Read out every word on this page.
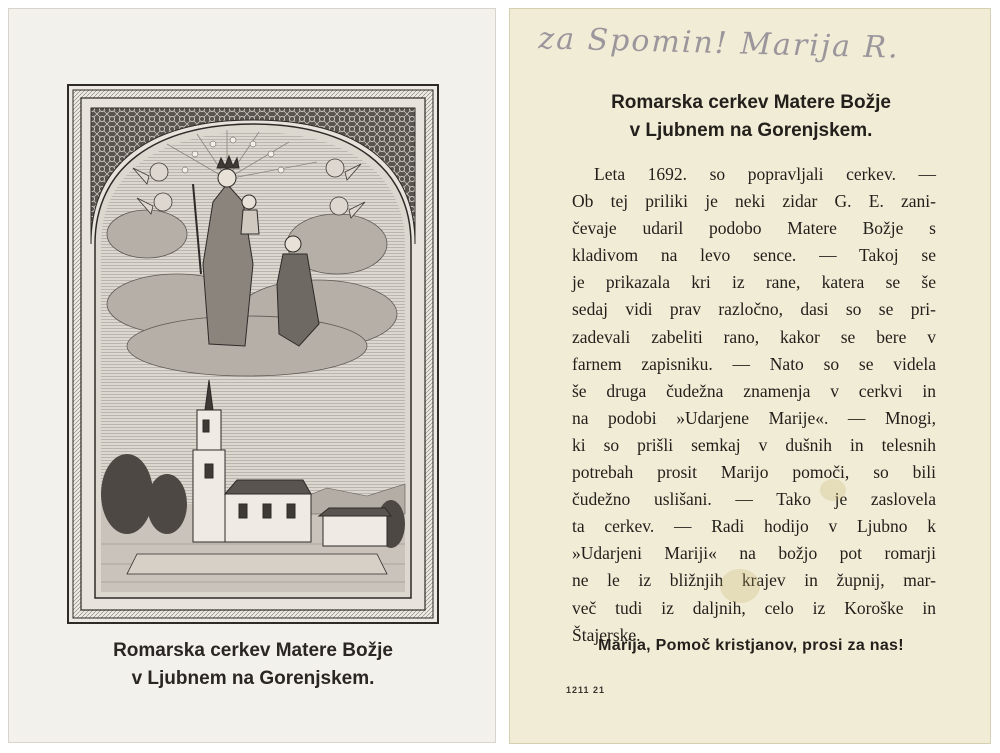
Romarska cerkev Matere Božje
v Ljubnem na Gorenjskem.
za Spomin! Marija R.
Romarska cerkev Matere Božje
v Ljubnem na Gorenjskem.
Leta 1692. so popravljali cerkev. —
Ob tej priliki je neki zidar G. E. zani-
čevaje udaril podobo Matere Božje s
kladivom na levo sence. — Takoj se
je prikazala kri iz rane, katera se še
sedaj vidi prav razločno, dasi so se pri-
zadevali zabeliti rano, kakor se bere v
farnem zapisniku. — Nato so se videla
še druga čudežna znamenja v cerkvi in
na podobi »Udarjene Marije«. — Mnogi,
ki so prišli semkaj v dušnih in telesnih
potrebah prosit Marijo pomoči, so bili
čudežno uslišani. — Tako je zaslovela
ta cerkev. — Radi hodijo v Ljubno k
»Udarjeni Mariji« na božjo pot romarji
ne le iz bližnjih krajev in župnij, mar-
več tudi iz daljnih, celo iz Koroške in
Štajerske.
Marija, Pomoč kristjanov, prosi za nas!
1211 21
